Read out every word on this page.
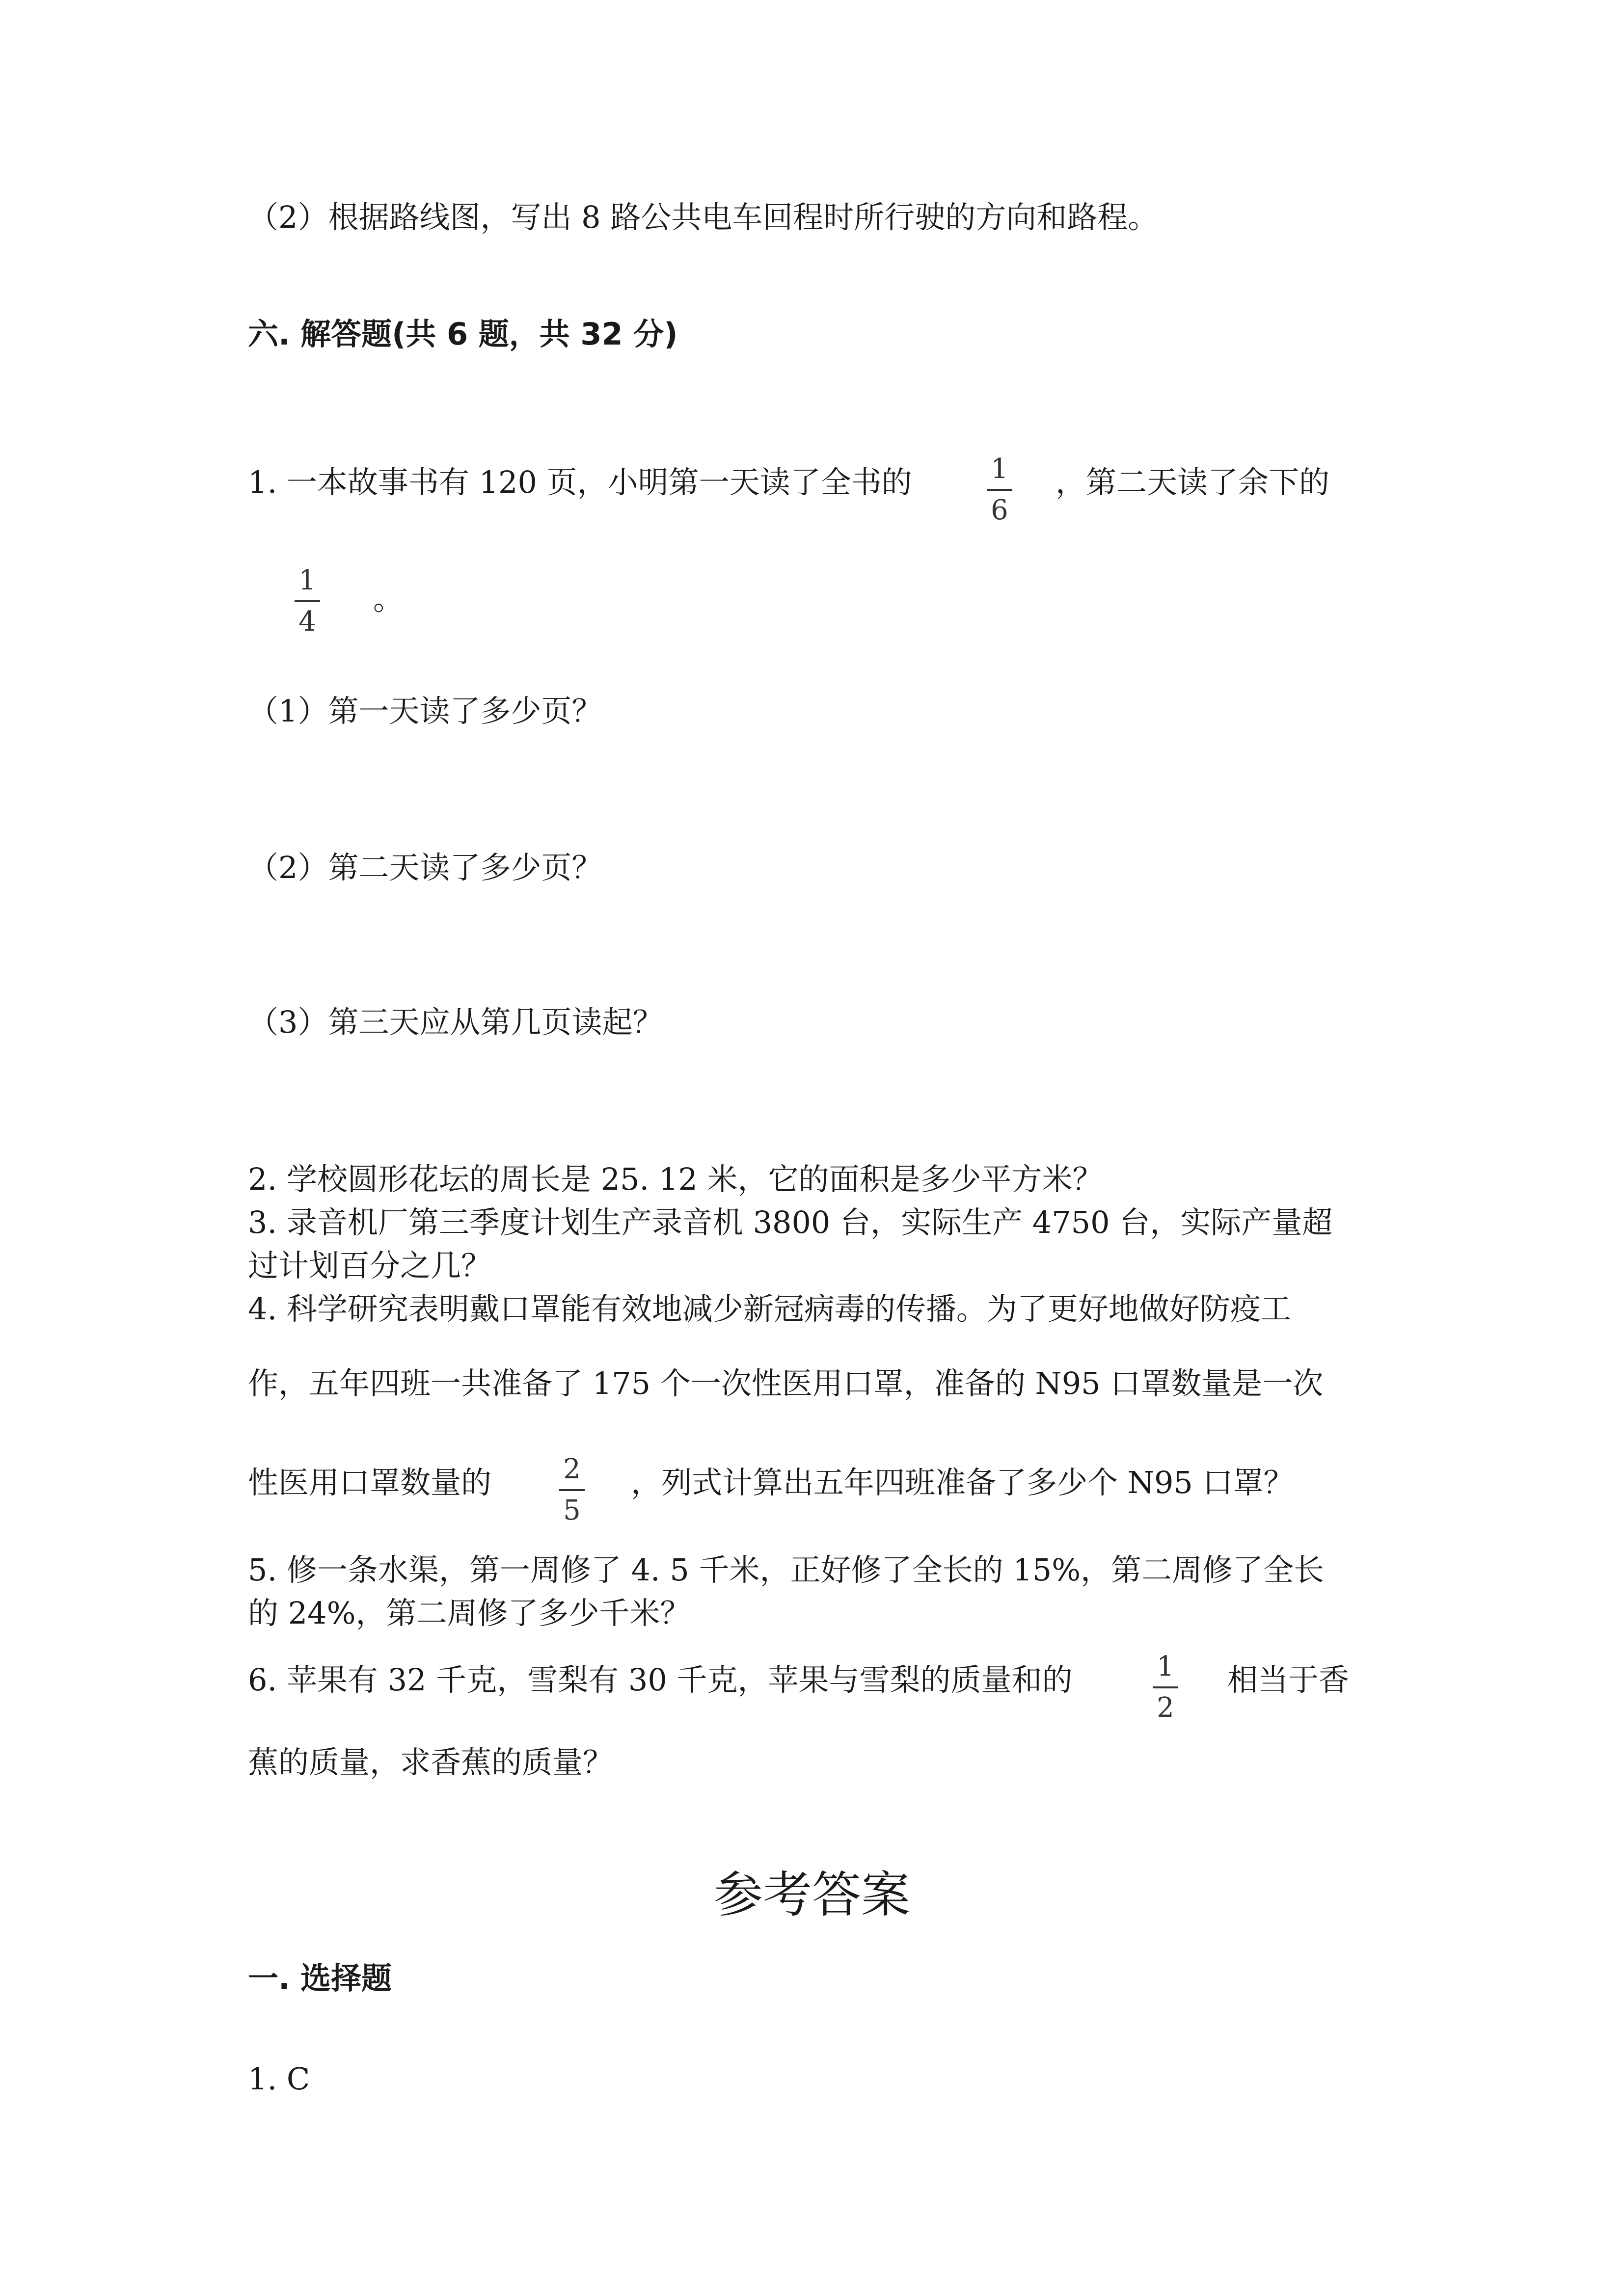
（2）根据路线图，写出 8 路公共电车回程时所行驶的方向和路程。

六. 解答题(共 6 题，共 32 分)

1. 一本故事书有 120 页，小明第一天读了全书的	1
6

，第二天读了余下的

1
4

。

（1）第一天读了多少页？

（2）第二天读了多少页？

（3）第三天应从第几页读起？

2. 学校圆形花坛的周长是 25. 12 米，它的面积是多少平方米？

3. 录音机厂第三季度计划生产录音机 3800 台，实际生产 4750 台，实际产量超

过计划百分之几？

4. 科学研究表明戴口罩能有效地减少新冠病毒的传播。为了更好地做好防疫工

作，五年四班一共准备了 175 个一次性医用口罩，准备的 N95 口罩数量是一次

性医用口罩数量的	2
5

，列式计算出五年四班准备了多少个 N95 口罩？

5. 修一条水渠，第一周修了 4. 5 千米，正好修了全长的 15%，第二周修了全长

的 24%，第二周修了多少千米？

6. 苹果有 32 千克，雪梨有 30 千克，苹果与雪梨的质量和的	1
2

相当于香

蕉的质量，求香蕉的质量？

参考答案

一. 选择题

1. C
